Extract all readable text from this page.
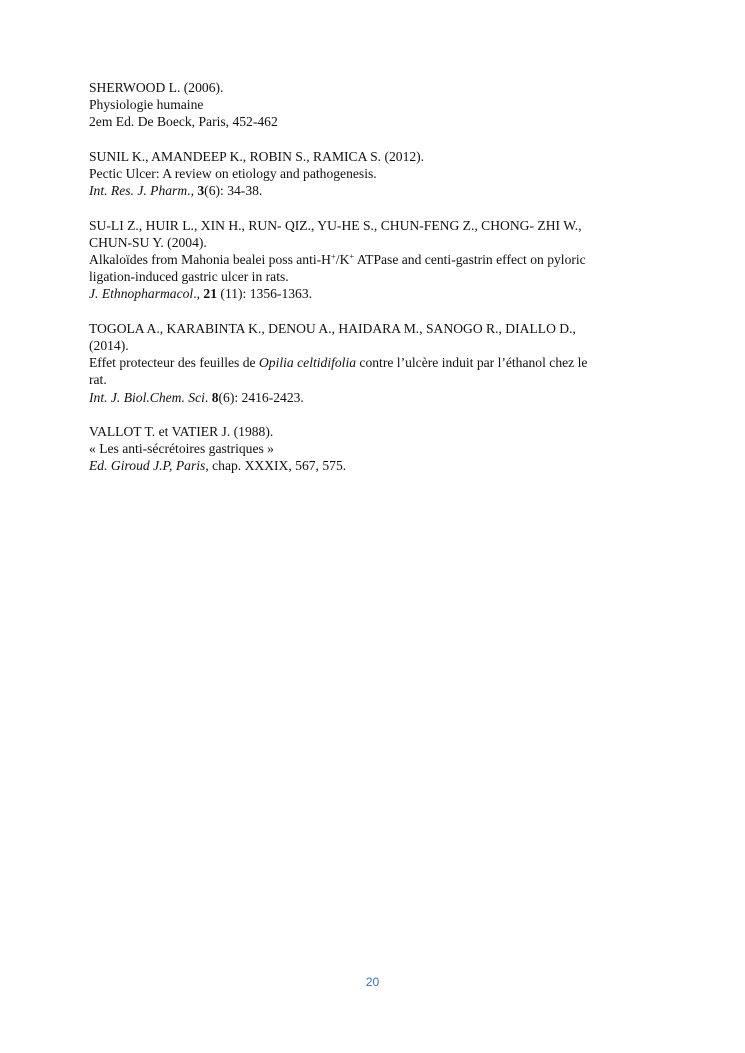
SHERWOOD L. (2006).
Physiologie humaine
2em Ed. De Boeck, Paris, 452-462
SUNIL K., AMANDEEP K., ROBIN S., RAMICA S. (2012).
Pectic Ulcer: A review on etiology and pathogenesis.
Int. Res. J. Pharm., 3(6): 34-38.
SU-LI Z., HUIR L., XIN H., RUN- QIZ., YU-HE S., CHUN-FENG Z., CHONG- ZHI W.,
CHUN-SU Y. (2004).
Alkaloïdes from Mahonia bealei poss anti-H+/K+ ATPase and centi-gastrin effect on pyloric
ligation-induced gastric ulcer in rats.
J. Ethnopharmacol., 21 (11): 1356-1363.
TOGOLA A., KARABINTA K., DENOU A., HAIDARA M., SANOGO R., DIALLO D.,
(2014).
Effet protecteur des feuilles de Opilia celtidifolia contre l’ulcère induit par l’éthanol chez le
rat.
Int. J. Biol.Chem. Sci. 8(6): 2416-2423.
VALLOT T. et VATIER J. (1988).
« Les anti-sécrétoires gastriques »
Ed. Giroud J.P, Paris, chap. XXXIX, 567, 575.
20
